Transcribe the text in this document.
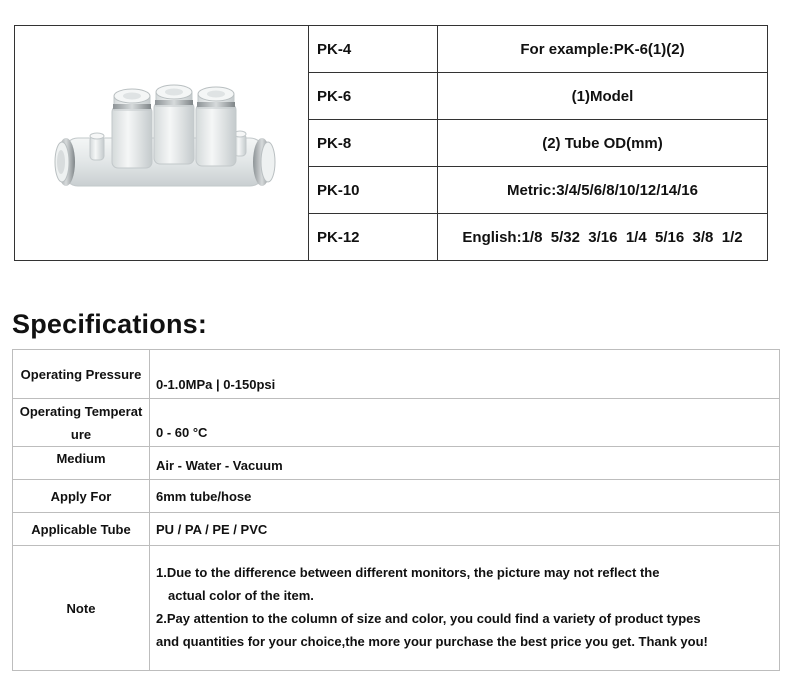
	PK-4	For example:PK-6(1)(2)
	PK-6	(1)Model
	PK-8	(2) Tube OD(mm)
	PK-10	Metric:3/4/5/6/8/10/12/14/16
	PK-12	English:1/8  5/32  3/16  1/4  5/16  3/8  1/2
Specifications:
Operating Pressure	0-1.0MPa | 0-150psi

Operating Temperature	0 - 60 °C
Medium	Air - Water - Vacuum
Apply For	6mm tube/hose
Applicable Tube	PU / PA / PE / PVC
Note	1.Due to the difference between different monitors, the picture may not reflect the
actual color of the item.
2.Pay attention to the column of size and color, you could find a variety of product types
and quantities for your choice,the more your purchase the best price you get. Thank you!
